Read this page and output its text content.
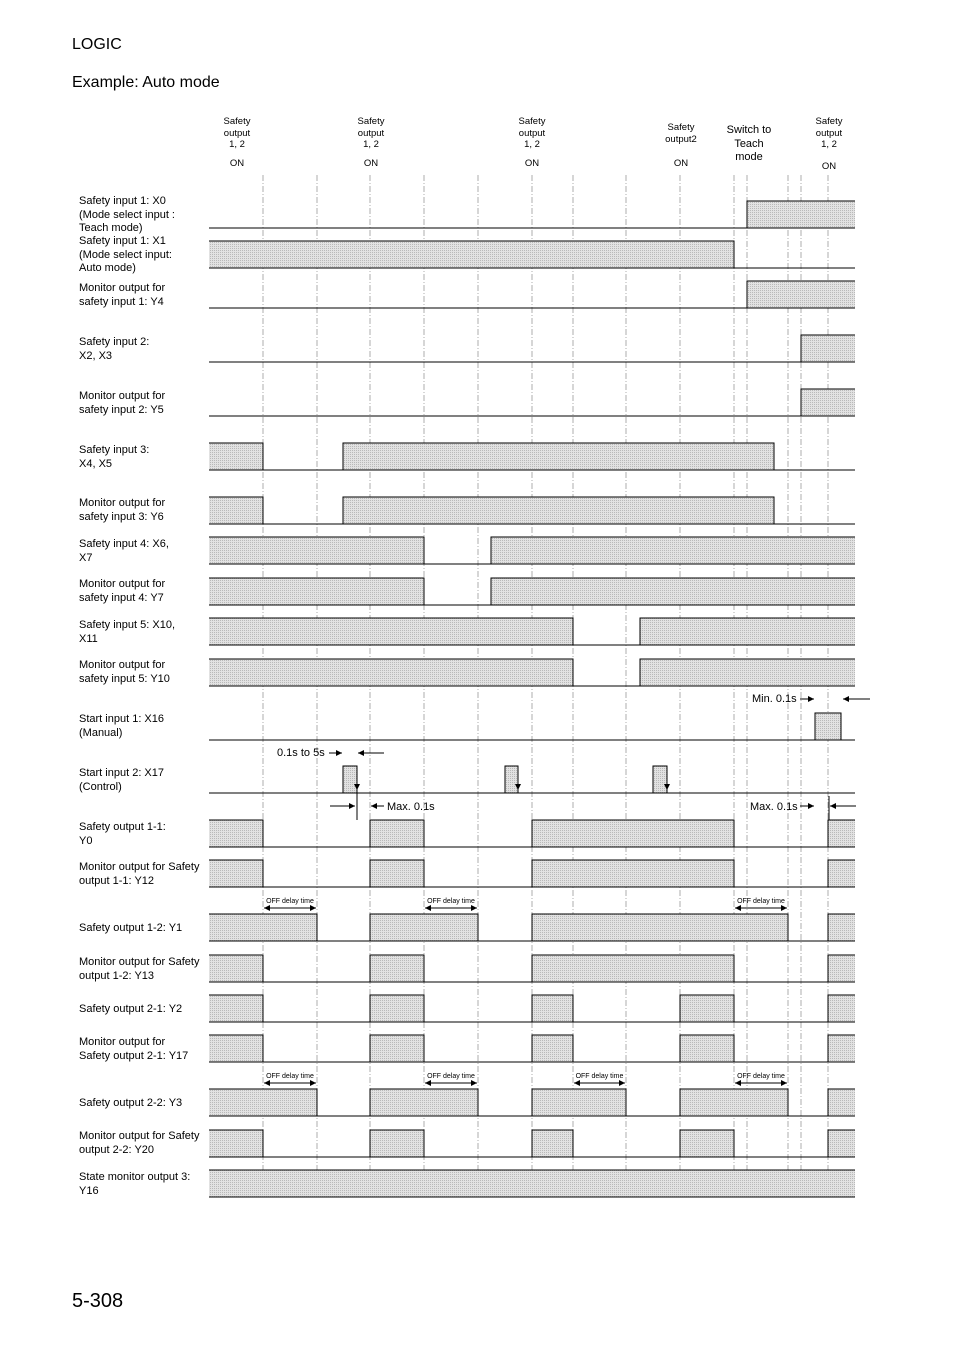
LOGIC
Example: Auto mode
Safety
output
1, 2
ON
Safety
output
1, 2
ON
Safety
output
1, 2
ON
Safety
output2
ON
Switch to
Teach
mode
Safety
output
1, 2
ON
Safety input 1: X0
(Mode select input :
Teach mode)
Safety input 1: X1
(Mode select input:
Auto mode)
Monitor output for
safety input 1: Y4
Safety input 2:
X2, X3
Monitor output for
safety input 2: Y5
Safety input 3:
X4, X5
Monitor output for
safety input 3: Y6
Safety input 4: X6,
X7
Monitor output for
safety input 4: Y7
Safety input 5: X10,
X11
Monitor output for
safety input 5: Y10
Start input 1: X16
(Manual)
Start input 2: X17
(Control)
Safety output 1-1:
Y0
Monitor output for Safety
output 1-1: Y12
Safety output 1-2: Y1
Monitor output for Safety
output 1-2: Y13
Safety output 2-1: Y2
Monitor output for
Safety output 2-1: Y17
Safety output 2-2: Y3
Monitor output for Safety
output 2-2: Y20
State monitor output 3:
Y16
Min. 0.1s
0.1s to 5s
Max. 0.1s	Max. 0.1s
OFF delay time	OFF delay time	OFF delay time
OFF delay time	OFF delay time	OFF delay time	OFF delay time
5-308
